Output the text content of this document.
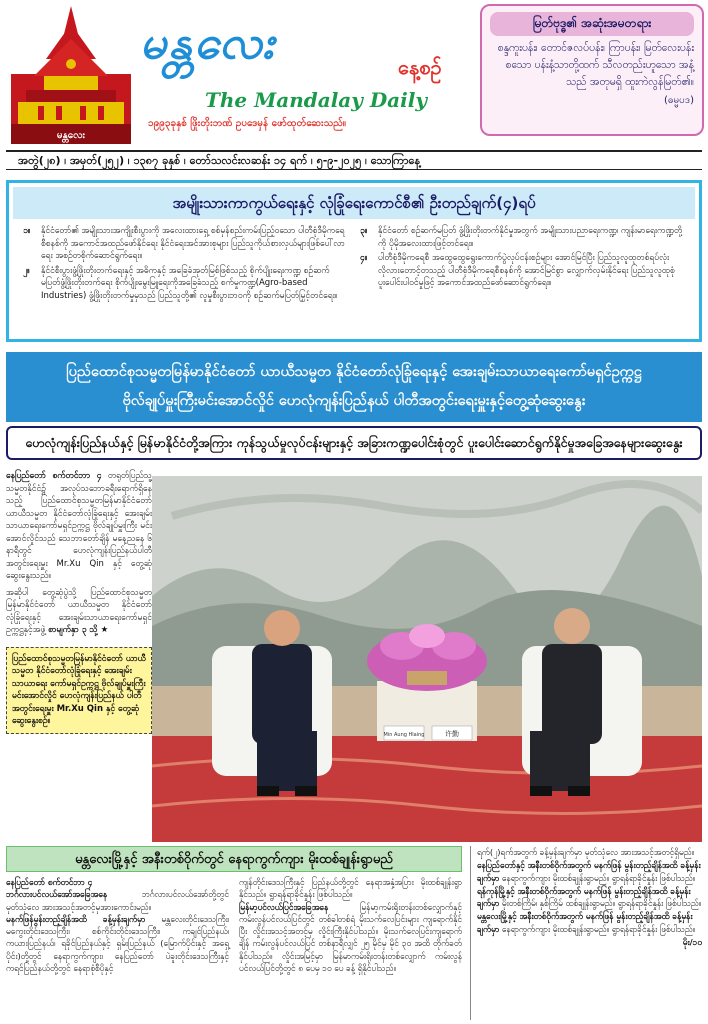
မန္တလေး
မန္တလေး	နေ့စဉ်
The Mandalay Daily
၁၉၉၃ခုနှစ် ဖြိုးတိုးဘဏ် ဥပဒေမှန် ဖော်ထုတ်ဆေးသည်။
မြတ်ဗုဒ္ဓ၏ အဆုံးအမတရား
စန္ဒကူးပန်း၊ တောင်ဇလပ်ပန်း၊ ကြာပန်း၊ မြတ်လေးပန်း စသော ပန်းနံ့သာတို့ထက် သီလတည်းဟူသော အနံ့သည် အတုမရှိ ထူးကဲလွန်မြတ်၏။
(ဓမ္မပဒ)
အတွဲ(၂၈) ၊ အမှတ်(၂၅၂) ၊ ၁၃၈၇ ခုနှစ် ၊ တော်သလင်းလဆန်း ၁၄ ရက် ၊ ၅-၉-၂၀၂၅ ၊ သောကြာနေ့
အမျိုးသားကာကွယ်ရေးနှင့် လုံခြုံရေးကောင်စီ၏ ဦးတည်ချက်(၄)ရပ်
၁။	နိုင်ငံတော်၏ အမျိုးသားအကျိုးစီးပွားကို အလေးထားရှေ့ စစ်မှန်စည်းကမ်းပြည့်ဝသော ပါတီစုံဒီမိုကရေစီစနစ်ကို အကောင်အထည်ဖော်နိုင်ရေး နိုင်ငံရေးအင်အားစုများ ပြည်သူကိုယ်စားလှယ်များဖြစ်ပေါ်လာရေး အစဉ်တစိုက်ဆောင်ရွက်ရေး။
၂။	နိုင်ငံစီးပွားဖွံ့ဖြိုးတိုးတက်ရေးနှင့် အဓိကနှင့် အခြေခံအုတ်မြစ်ဖြစ်သည့် စိုက်ပျိုးရေးကဏ္ဍ စဉ်ဆက်မပြတ်ဖွံ့ဖြိုးတိုးတက်ရေး စိုက်ပျိုးမွေးမြူရေးကိုအခြေခံသည့် စက်မှုကဏ္ဍ(Agro-based Industries) ဖွံ့ဖြိုးတိုးတက်မှုမှသည် ပြည်သူတို့၏ လူမှုစီးပွားဘဝကို စဉ်ဆက်မပြတ်မြှင့်တင်ရေး။
၃။	နိုင်ငံတော် စဉ်ဆက်မပြတ် ဖွံ့ဖြိုးတိုးတက်နိုင်မှုအတွက် အမျိုးသားပညာရေးကဏ္ဍ၊ ကျန်းမာရေးကဏ္ဍတို့ကို ပိုမိုအလေးထားဖြင့်တင်ရေး။
၄။	ပါတီစုံဒီမိုကရေစီ အထွေထွေရွေးကောက်ပွဲလုပ်ငန်းစဉ်များ အောင်မြင်ပြီး ပြည်သူလူထုတစ်ရပ်လုံး လိုလားတောင့်တသည့် ပါတီစုံဒီမိုကရေစီစနစ်ကို အောင်မြင်စွာ လျှောက်လှမ်းနိုင်ရေး ပြည်သူလူထုစုံ ပူးပေါင်းပါဝင်မှုဖြင့် အကောင်အထည်ဖော်ဆောင်ရွက်ရေး။
ပြည်ထောင်စုသမ္မတမြန်မာနိုင်ငံတော် ယာယီသမ္မတ နိုင်ငံတော်လုံခြုံရေးနှင့် အေးချမ်းသာယာရေးကော်မရှင်ဥက္ကဋ္ဌ
ဗိုလ်ချုပ်မှူးကြီးမင်းအောင်လှိုင် ဟေလုံကျန်းပြည်နယ် ပါတီအတွင်းရေးမှူးနှင့်တွေ့ဆုံဆွေးနွေး
ဟေလုံကျန်းပြည်နယ်နှင့် မြန်မာနိုင်ငံတို့အကြား ကုန်သွယ်မှုလုပ်ငန်းများနှင့် အခြားကဏ္ဍပေါင်းစုံတွင် ပူးပေါင်းဆောင်ရွက်နိုင်မှုအခြေအနေများဆွေးနွေး

နေပြည်တော် စက်တင်ဘာ ၄ တရုတ်ပြည်သူ့ သမ္မတနိုင်ငံ၌ အလုပ်သဘောခရီးရောက်ရှိနေသည့် ပြည်ထောင်စုသမ္မတမြန်မာနိုင်ငံတော် ယာယီသမ္မတ နိုင်ငံတော်လုံခြုံရေးနှင့် အေးချမ်းသာယာရေးကော်မရှင်ဥက္ကဋ္ဌ ဗိုလ်ချုပ်မှူးကြီး မင်းအောင်လှိုင်သည် သေဘာတော်ချိန် မနေ့ညနေ ၆ နာရီတွင် ဟေလုံကျန်းပြည်နယ်ပါတီအတွင်းရေးမှူး Mr.Xu Qin နှင့် တွေ့ဆုံဆွေးနွေးသည်။

အဆိုပါ တွေ့ဆုံပွဲသို့ ပြည်ထောင်စုသမ္မတ မြန်မာနိုင်ငံတော် ယာယီသမ္မတ နိုင်ငံတော်လုံခြုံရေးနှင့် အေးချမ်းသာယာရေးကော်မရှင် ဥက္ကဋ္ဌနှင့်အဖွဲ့ စာမျက်နှာ ၃ သို့ ★

ပြည်ထောင်စုသမ္မတမြန်မာနိုင်ငံတော် ယာယီသမ္မတ နိုင်ငံတော်လုံခြုံရေးနှင့် အေးချမ်းသာယာရေး ကော်မရှင်ဥက္ကဋ္ဌ ဗိုလ်ချုပ်မှူးကြီး မင်းအောင်လှိုင် ဟေလုံကျန်းပြည်နယ် ပါတီအတွင်းရေးမှူး Mr.Xu Qin နှင့် တွေ့ဆုံဆွေးနွေးစဉ်။
Min Aung Hlaing	许勤
မန္တလေးမြို့နှင့် အနီးတစ်ဝိုက်တွင် နေရာကွက်ကျား မိုးထစ်ချုန်းရွာမည်

နေပြည်တော် စက်တင်ဘာ ၄

ဘင်္ဂလားပင်လယ်အော်အခြေအနေ	ဘင်္ဂလားပင်လယ်အော်တို့တွင် မုတ်သုံလေ အားအသင့်အတင့်မှအားကောင်းမည်။

မနက်ဖြန်မွန်းတည့်ချိန်အထိ ခန့်မှန်းချက်မှာ မန္တလေးတိုင်းဒေသကြီး၊ မကွေးတိုင်းဒေသကြီး၊ စစ်ကိုင်းတိုင်းဒေသကြီး၊ ကချင်ပြည်နယ်၊ ကယားပြည်နယ်၊ ရခိုင်ပြည်နယ်နှင့် ရှမ်းပြည်နယ် (မြောက်ပိုင်းနှင့် အရှေ့ပိုင်း)တို့တွင် နေရာကွက်ကျား၊ နေပြည်တော် ပဲခူးတိုင်းဒေသကြီးနှင့် ကရင်ပြည်နယ်တို့တွင် နေရာစုံစီပိုနှင့်

ကျန်တိုင်းဒေသကြီးနှင့် ပြည်နယ်တို့တွင် နေရာအနှံ့အပြား မိုးထစ်ချုန်းရွာနိုင်သည်။ ရွာရန်ရာခိုင်နှုန်း ဖြစ်ပါသည်။

မြန်မာ့ပင်လယ်ပြင်အခြေအနေ	မြန်မာ့ကမ်းရိုးတန်းတစ်လျှောက်နှင့် ကမ်းလွန်ပင်လယ်ပြင်တွင် တစ်ခါတစ်ရံ မိုးသက်လေပြင်းများ ကျရောက်နိုင်ပြီး လှိုင်းအသင့်အတင့်မှ လှိုင်းကြီးနိုင်ပါသည်။ မိုးသက်လေပြင်းကျရောက်ချိန် ကမ်းလွန်ပင်လယ်ပြင် တစ်နာရီလျှင် ၂၅ မိုင်မှ မိုင် ၃၀ အထိ တိုက်ခတ်နိုင်ပါသည်။ လှိုင်းအမြင့်မှာ မြန်မာကမ်းရိုးတန်းတစ်လျှောက် ကမ်းလွန်ပင်လယ်ပြင်တို့တွင် ၈ ပေမှ ၁၀ ပေ ခန့် ရှိနိုင်ပါသည်။

ရက်(၂)ရက်အတွက် ခန့်မှန်းချက်မှာ မုတ်သုံလေ အားအသင့်အတင့်ရှိမည်။

နေပြည်တော်နှင့် အနီးတစ်ဝိုက်အတွက် မနက်ဖြန် မွန်းတည့်ချိန်အထိ ခန့်မှန်းချက်မှာ နေရာကွက်ကျား မိုးထစ်ချုန်းရွာမည်။ ရွာရန်ရာခိုင်နှုန်း ဖြစ်ပါသည်။

ရန်ကုန်မြို့နှင့် အနီးတစ်ဝိုက်အတွက် မနက်ဖြန် မွန်းတည့်ချိန်အထိ ခန့်မှန်းချက်မှာ မိုးတစ်ကြိမ်၊ နှစ်ကြိမ် ထစ်ချုန်းရွာမည်။ ရွာရန်ရာခိုင်နှုန်း ဖြစ်ပါသည်။

မန္တလေးမြို့နှင့် အနီးတစ်ဝိုက်အတွက် မနက်ဖြန် မွန်းတည့်ချိန်အထိ ခန့်မှန်းချက်မှာ နေရာကွက်ကျား မိုးထစ်ချုန်းရွာမည်။ ရွာရန်ရာခိုင်နှုန်း ဖြစ်ပါသည်။

မိုး/၁၀
